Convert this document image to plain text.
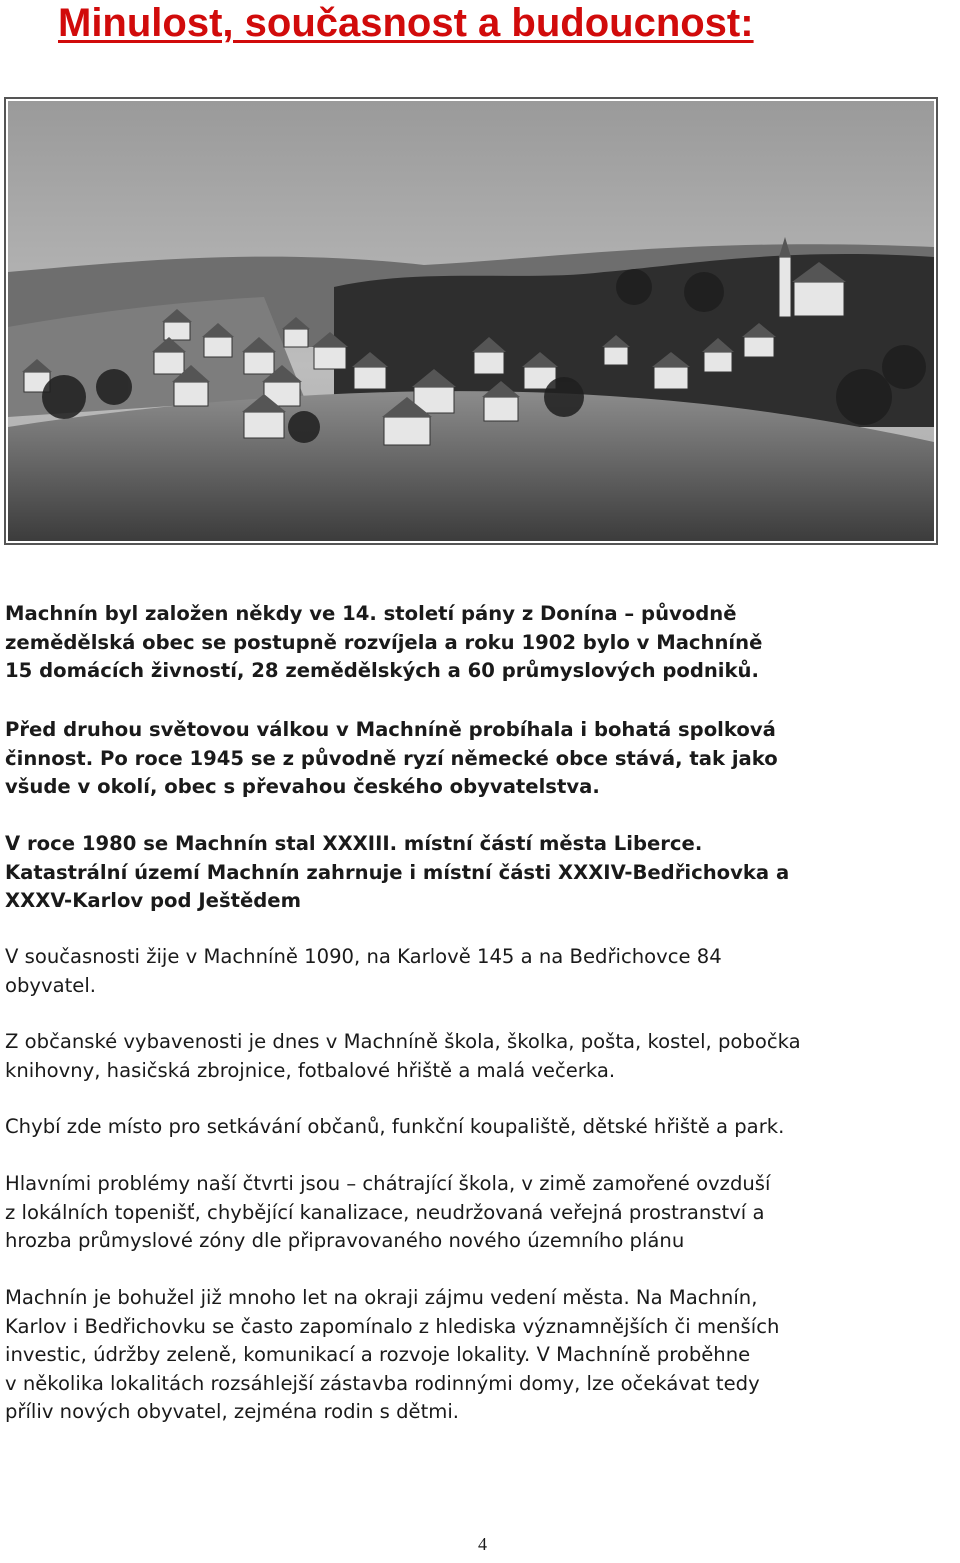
Minulost, současnost a budoucnost:

Machnín byl založen někdy ve 14. století pány z Donína – původně

zemědělská obec se postupně rozvíjela a roku 1902 bylo v Machníně

15 domácích živností, 28 zemědělských a 60 průmyslových podniků.

Před druhou světovou válkou v Machníně probíhala i bohatá spolková

činnost. Po roce 1945 se z původně ryzí německé obce stává, tak jako

všude v okolí, obec s převahou českého obyvatelstva.

V roce 1980 se Machnín stal XXXIII. místní částí města Liberce.

Katastrální území Machnín zahrnuje i místní části XXXIV-Bedřichovka a

XXXV-Karlov pod Ještědem

V současnosti žije v Machníně 1090, na Karlově 145 a na Bedřichovce 84

obyvatel.

Z občanské vybavenosti je dnes v Machníně škola, školka, pošta, kostel, pobočka

knihovny, hasičská zbrojnice, fotbalové hřiště a malá večerka.

Chybí zde místo pro setkávání občanů, funkční koupaliště, dětské hřiště a park.

Hlavními problémy naší čtvrti jsou – chátrající škola, v zimě zamořené ovzduší

z lokálních topenišť, chybějící kanalizace, neudržovaná veřejná prostranství a

hrozba průmyslové zóny dle připravovaného nového územního plánu

Machnín je bohužel již mnoho let na okraji zájmu vedení města. Na Machnín,

Karlov i Bedřichovku se často zapomínalo z hlediska významnějších či menších

investic, údržby zeleně, komunikací a rozvoje lokality. V Machníně proběhne

v několika lokalitách rozsáhlejší zástavba rodinnými domy, lze očekávat tedy

příliv nových obyvatel, zejména rodin s dětmi.

4
